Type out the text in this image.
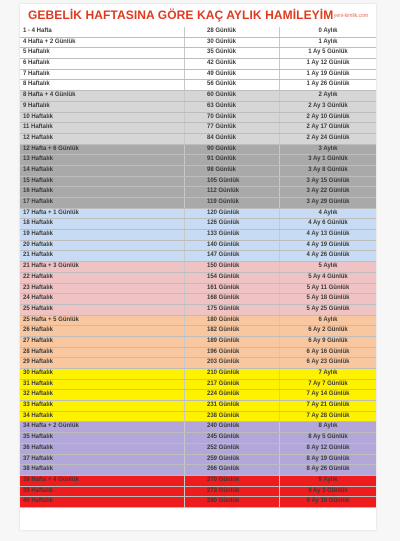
GEBELİK HAFTASINA GÖRE KAÇ AYLIK HAMİLEYİM yeni-kimlik.com
1 - 4 Hafta	28 Günlük	0 Aylık
4 Hafta + 2 Günlük	30 Günlük	1 Aylık
5 Haftalık	35 Günlük	1 Ay 5 Günlük
6 Haftalık	42 Günlük	1 Ay 12 Günlük
7 Haftalık	49 Günlük	1 Ay 19 Günlük
8 Haftalık	56 Günlük	1 Ay 26 Günlük
8 Hafta + 4 Günlük	60 Günlük	2 Aylık
9 Haftalık	63 Günlük	2 Ay 3 Günlük
10 Haftalık	70 Günlük	2 Ay 10 Günlük
11 Haftalık	77 Günlük	2 Ay 17 Günlük
12 Haftalık	84 Günlük	2 Ay 24 Günlük
12 Hafta + 6 Günlük	90 Günlük	3 Aylık
13 Haftalık	91 Günlük	3 Ay 1 Günlük
14 Haftalık	98 Günlük	3 Ay 8 Günlük
15 Haftalık	105 Günlük	3 Ay 15 Günlük
16 Haftalık	112 Günlük	3 Ay 22 Günlük
17 Haftalık	119 Günlük	3 Ay 29 Günlük
17 Hafta + 1 Günlük	120 Günlük	4 Aylık
18 Haftalık	126 Günlük	4 Ay 6 Günlük
19 Haftalık	133 Günlük	4 Ay 13 Günlük
20 Haftalık	140 Günlük	4 Ay 19 Günlük
21 Haftalık	147 Günlük	4 Ay 26 Günlük
21 Hafta + 3 Günlük	150 Günlük	5 Aylık
22 Haftalık	154 Günlük	5 Ay 4 Günlük
23 Haftalık	161 Günlük	5 Ay 11 Günlük
24 Haftalık	168 Günlük	5 Ay 18 Günlük
25 Haftalık	175 Günlük	5 Ay 25 Günlük
25 Hafta + 5 Günlük	180 Günlük	6 Aylık
26 Haftalık	182 Günlük	6 Ay 2 Günlük
27 Haftalık	189 Günlük	6 Ay 9 Günlük
28 Haftalık	196 Günlük	6 Ay 16 Günlük
29 Haftalık	203 Günlük	6 Ay 23 Günlük
30 Haftalık	210 Günlük	7 Aylık
31 Haftalık	217 Günlük	7 Ay 7 Günlük
32 Haftalık	224 Günlük	7 Ay 14 Günlük
33 Haftalık	231 Günlük	7 Ay 21 Günlük
34 Haftalık	238 Günlük	7 Ay 28 Günlük
34 Hafta + 2 Günlük	240 Günlük	8 Aylık
35 Haftalık	245 Günlük	8 Ay 5 Günlük
36 Haftalık	252 Günlük	8 Ay 12 Günlük
37 Haftalık	259 Günlük	8 Ay 19 Günlük
38 Haftalık	266 Günlük	8 Ay 26 Günlük
38 Hafta + 4 Günlük	270 Günlük	9 Aylık
39 Haftalık	273 Günlük	9 Ay 3 Günlük
40 Haftalık	280 Günlük	9 Ay 10 Günlük
